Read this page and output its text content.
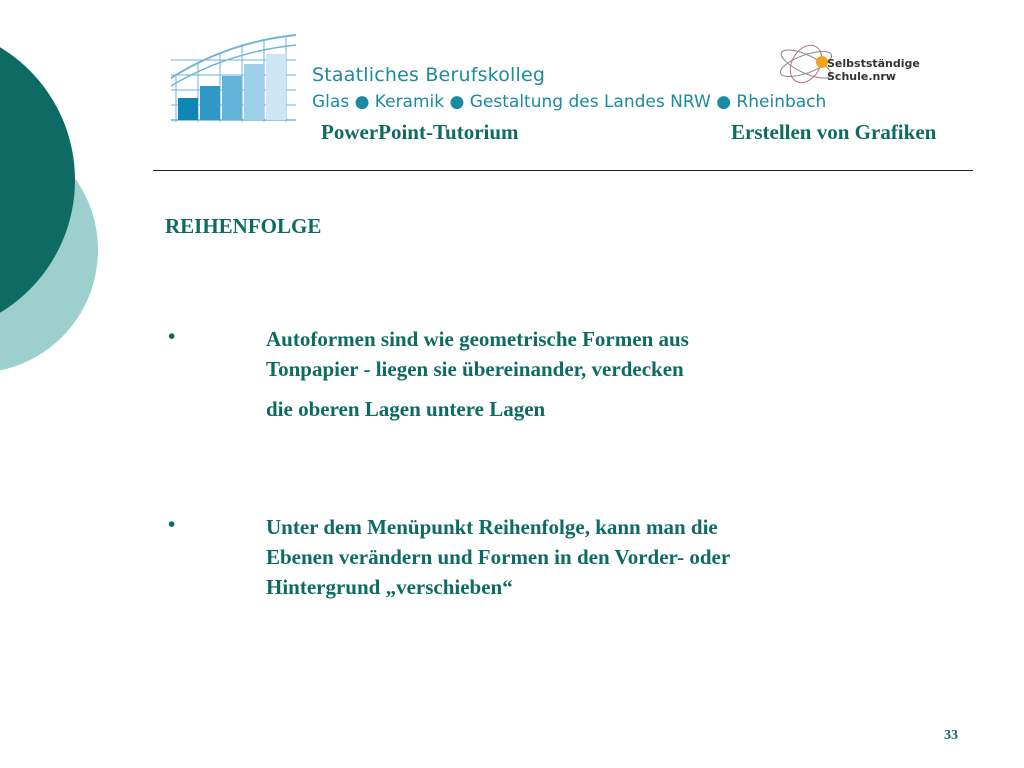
Staatliches Berufskolleg
Glas ● Keramik ● Gestaltung des Landes NRW ● Rheinbach
Selbstständige
Schule.nrw
PowerPoint-Tutorium	Erstellen von Grafiken
REIHENFOLGE
•	Autoformen sind wie geometrische Formen aus
Tonpapier - liegen sie übereinander, verdecken
die oberen Lagen untere Lagen
•	Unter dem Menüpunkt Reihenfolge, kann man die
Ebenen verändern und Formen in den Vorder- oder
Hintergrund „verschieben“
33
